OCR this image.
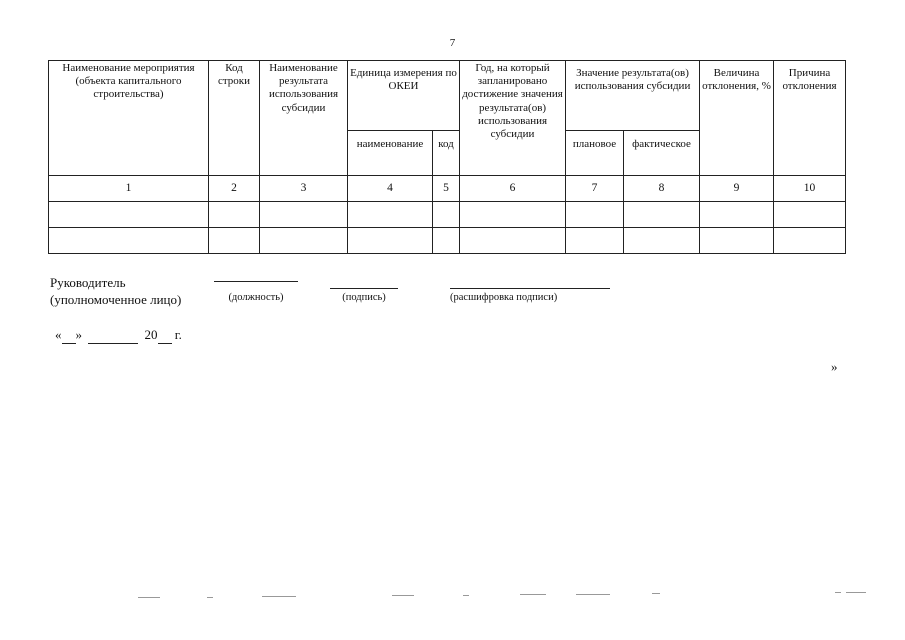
7
Наименование мероприятия (объекта капитального строительства)	Код строки	Наименование результата использования субсидии	Единица измерения по ОКЕИ		Год, на который запланировано достижение значения результата(ов) использования субсидии	Значение результата(ов) использования субсидии		Величина отклонения, %	Причина отклонения
			наименование	код		плановое	фактическое		
1	2	3	4	5	6	7	8	9	10

Руководитель
(уполномоченное лицо)	(должность)	(подпись)	(расшифровка подписи)
« »	20 г.
»
